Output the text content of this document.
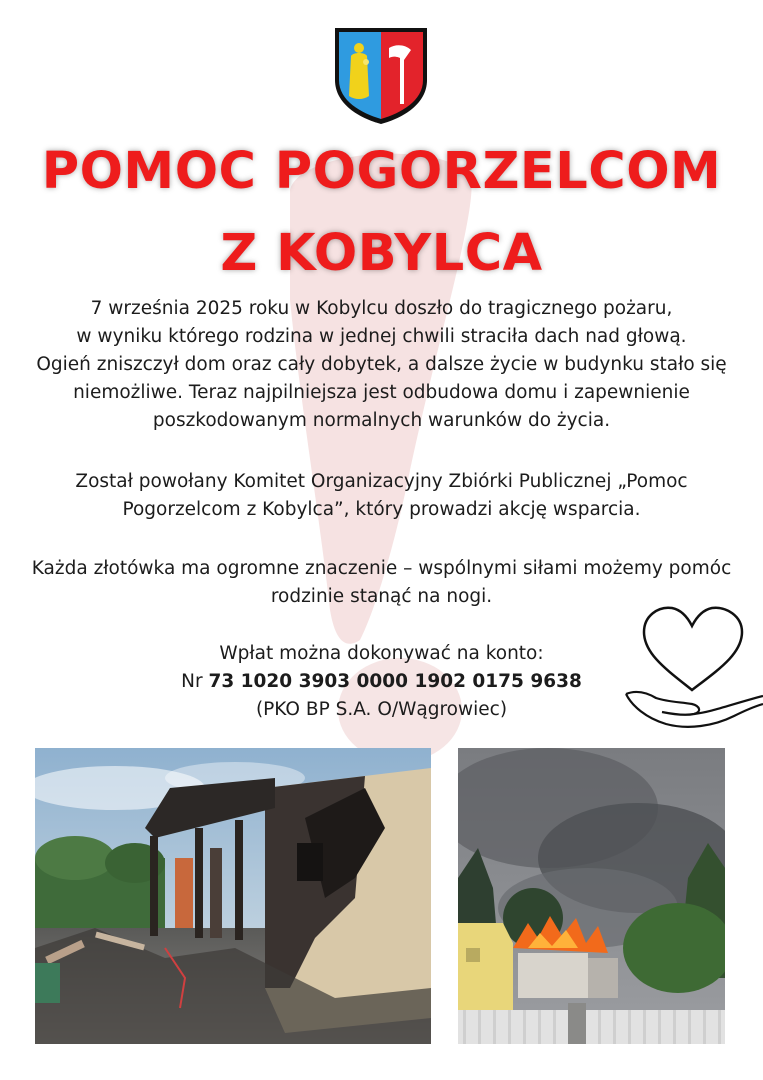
POMOC POGORZELCOM
Z KOBYLCA

7 września 2025 roku w Kobylcu doszło do tragicznego pożaru,
w wyniku którego rodzina w jednej chwili straciła dach nad głową.
Ogień zniszczył dom oraz cały dobytek, a dalsze życie w budynku stało się
niemożliwe. Teraz najpilniejsza jest odbudowa domu i zapewnienie
poszkodowanym normalnych warunków do życia.

Został powołany Komitet Organizacyjny Zbiórki Publicznej „Pomoc
Pogorzelcom z Kobylca”, który prowadzi akcję wsparcia.

Każda złotówka ma ogromne znaczenie – wspólnymi siłami możemy pomóc
rodzinie stanąć na nogi.

Wpłat można dokonywać na konto:
Nr 73 1020 3903 0000 1902 0175 9638
(PKO BP S.A. O/Wągrowiec)
